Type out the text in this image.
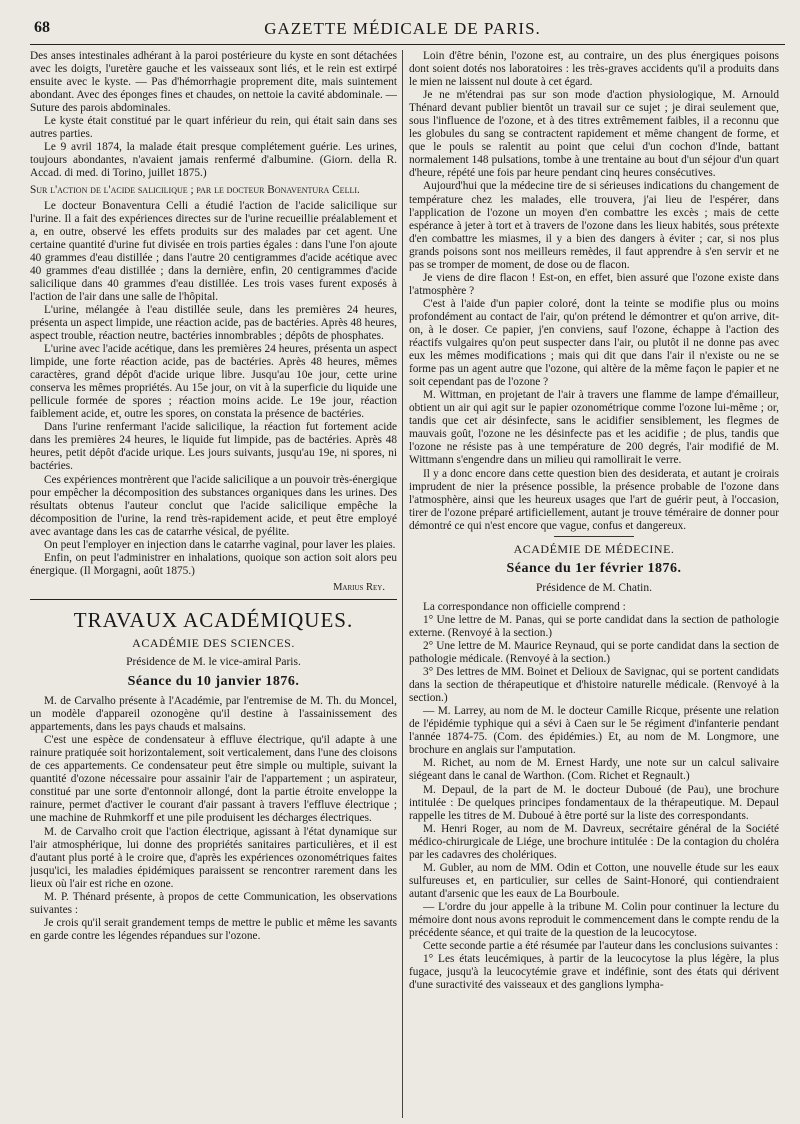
68	GAZETTE MÉDICALE DE PARIS.

Des anses intestinales adhérant à la paroi postérieure du kyste en sont détachées avec les doigts, l'uretère gauche et les vaisseaux sont liés, et le rein est extirpé ensuite avec le kyste. — Pas d'hémorrhagie proprement dite, mais suintement abondant. Avec des éponges fines et chaudes, on nettoie la cavité abdominale. — Suture des parois abdominales.

Le kyste était constitué par le quart inférieur du rein, qui était sain dans ses autres parties.

Le 9 avril 1874, la malade était presque complétement guérie. Les urines, toujours abondantes, n'avaient jamais renfermé d'albumine. (Giorn. della R. Accad. di med. di Torino, juillet 1875.)

Sur l'action de l'acide salicilique ; par le docteur Bonaventura Celli.

Le docteur Bonaventura Celli a étudié l'action de l'acide salicilique sur l'urine. Il a fait des expériences directes sur de l'urine recueillie préalablement et a, en outre, observé les effets produits sur des malades par cet agent. Une certaine quantité d'urine fut divisée en trois parties égales : dans l'une l'on ajoute 40 grammes d'eau distillée ; dans l'autre 20 centigrammes d'acide acétique avec 40 grammes d'eau distillée ; dans la dernière, enfin, 20 centigrammes d'acide salicilique dans 40 grammes d'eau distillée. Les trois vases furent exposés à l'action de l'air dans une salle de l'hôpital.

L'urine, mélangée à l'eau distillée seule, dans les premières 24 heures, présenta un aspect limpide, une réaction acide, pas de bactéries. Après 48 heures, aspect trouble, réaction neutre, bactéries innombrables ; dépôts de phosphates.

L'urine avec l'acide acétique, dans les premières 24 heures, présenta un aspect limpide, une forte réaction acide, pas de bactéries. Après 48 heures, mêmes caractères, grand dépôt d'acide urique libre. Jusqu'au 10e jour, cette urine conserva les mêmes propriétés. Au 15e jour, on vit à la superficie du liquide une pellicule formée de spores ; réaction moins acide. Le 19e jour, réaction faiblement acide, et, outre les spores, on constata la présence de bactéries.

Dans l'urine renfermant l'acide salicilique, la réaction fut fortement acide dans les premières 24 heures, le liquide fut limpide, pas de bactéries. Après 48 heures, petit dépôt d'acide urique. Les jours suivants, jusqu'au 19e, ni spores, ni bactéries.

Ces expériences montrèrent que l'acide salicilique a un pouvoir très-énergique pour empêcher la décomposition des substances organiques dans les urines. Des résultats obtenus l'auteur conclut que l'acide salicilique empêche la décomposition de l'urine, la rend très-rapidement acide, et peut être employé avec avantage dans les cas de catarrhe vésical, de pyélite.

On peut l'employer en injection dans le catarrhe vaginal, pour laver les plaies.

Enfin, on peut l'administrer en inhalations, quoique son action soit alors peu énergique. (Il Morgagni, août 1875.)

Marius Rey.
TRAVAUX ACADÉMIQUES.
ACADÉMIE DES SCIENCES.
Présidence de M. le vice-amiral Paris.
Séance du 10 janvier 1876.

M. de Carvalho présente à l'Académie, par l'entremise de M. Th. du Moncel, un modèle d'appareil ozonogène qu'il destine à l'assainissement des appartements, dans les pays chauds et malsains.

C'est une espèce de condensateur à effluve électrique, qu'il adapte à une rainure pratiquée soit horizontalement, soit verticalement, dans l'une des cloisons de ces appartements. Ce condensateur peut être simple ou multiple, suivant la quantité d'ozone nécessaire pour assainir l'air de l'appartement ; un aspirateur, constitué par une sorte d'entonnoir allongé, dont la partie étroite enveloppe la rainure, permet d'activer le courant d'air passant à travers l'effluve électrique ; une machine de Ruhmkorff et une pile produisent les décharges électriques.

M. de Carvalho croit que l'action électrique, agissant à l'état dynamique sur l'air atmosphérique, lui donne des propriétés sanitaires particulières, et il est d'autant plus porté à le croire que, d'après les expériences ozonométriques faites jusqu'ici, les maladies épidémiques paraissent se rencontrer rarement dans les lieux où l'air est riche en ozone.

M. P. Thénard présente, à propos de cette Communication, les observations suivantes :

Je crois qu'il serait grandement temps de mettre le public et même les savants en garde contre les légendes répandues sur l'ozone.

Loin d'être bénin, l'ozone est, au contraire, un des plus énergiques poisons dont soient dotés nos laboratoires : les très-graves accidents qu'il a produits dans le mien ne laissent nul doute à cet égard.

Je ne m'étendrai pas sur son mode d'action physiologique, M. Arnould Thénard devant publier bientôt un travail sur ce sujet ; je dirai seulement que, sous l'influence de l'ozone, et à des titres extrêmement faibles, il a reconnu que les globules du sang se contractent rapidement et même changent de forme, et que le pouls se ralentit au point que celui d'un cochon d'Inde, battant normalement 148 pulsations, tombe à une trentaine au bout d'un séjour d'un quart d'heure, répété une fois par heure pendant cinq heures consécutives.

Aujourd'hui que la médecine tire de si sérieuses indications du changement de température chez les malades, elle trouvera, j'ai lieu de l'espérer, dans l'application de l'ozone un moyen d'en combattre les excès ; mais de cette espérance à jeter à tort et à travers de l'ozone dans les lieux habités, sous prétexte d'en combattre les miasmes, il y a bien des dangers à éviter ; car, si nos plus grands poisons sont nos meilleurs remèdes, il faut apprendre à s'en servir et ne pas se tromper de moment, de dose ou de flacon.

Je viens de dire flacon ! Est-on, en effet, bien assuré que l'ozone existe dans l'atmosphère ?

C'est à l'aide d'un papier coloré, dont la teinte se modifie plus ou moins profondément au contact de l'air, qu'on prétend le démontrer et qu'on arrive, dit-on, à le doser. Ce papier, j'en conviens, sauf l'ozone, échappe à l'action des réactifs vulgaires qu'on peut suspecter dans l'air, ou plutôt il ne donne pas avec eux les mêmes modifications ; mais qui dit que dans l'air il n'existe ou ne se forme pas un agent autre que l'ozone, qui altère de la même façon le papier et ne soit cependant pas de l'ozone ?

M. Wittman, en projetant de l'air à travers une flamme de lampe d'émailleur, obtient un air qui agit sur le papier ozonométrique comme l'ozone lui-même ; or, tandis que cet air désinfecte, sans le acidifier sensiblement, les flegmes de mauvais goût, l'ozone ne les désinfecte pas et les acidifie ; de plus, tandis que l'ozone ne résiste pas à une température de 200 degrés, l'air modifié de M. Wittmann s'engendre dans un milieu qui ramollirait le verre.

Il y a donc encore dans cette question bien des desiderata, et autant je croirais imprudent de nier la présence possible, la présence probable de l'ozone dans l'atmosphère, ainsi que les heureux usages que l'art de guérir peut, à l'occasion, tirer de l'ozone préparé artificiellement, autant je trouve téméraire de donner pour démontré ce qui n'est encore que vague, confus et dangereux.

ACADÉMIE DE MÉDECINE.
Séance du 1er février 1876.
Présidence de M. Chatin.

La correspondance non officielle comprend :

1° Une lettre de M. Panas, qui se porte candidat dans la section de pathologie externe. (Renvoyé à la section.)

2° Une lettre de M. Maurice Reynaud, qui se porte candidat dans la section de pathologie médicale. (Renvoyé à la section.)

3° Des lettres de MM. Boinet et Delioux de Savignac, qui se portent candidats dans la section de thérapeutique et d'histoire naturelle médicale. (Renvoyé à la section.)

— M. Larrey, au nom de M. le docteur Camille Ricque, présente une relation de l'épidémie typhique qui a sévi à Caen sur le 5e régiment d'infanterie pendant l'année 1874-75. (Com. des épidémies.) Et, au nom de M. Longmore, une brochure en anglais sur l'amputation.

M. Richet, au nom de M. Ernest Hardy, une note sur un calcul salivaire siégeant dans le canal de Warthon. (Com. Richet et Regnault.)

M. Depaul, de la part de M. le docteur Duboué (de Pau), une brochure intitulée : De quelques principes fondamentaux de la thérapeutique. M. Depaul rappelle les titres de M. Duboué à être porté sur la liste des correspondants.

M. Henri Roger, au nom de M. Davreux, secrétaire général de la Société médico-chirurgicale de Liége, une brochure intitulée : De la contagion du choléra par les cadavres des cholériques.

M. Gubler, au nom de MM. Odin et Cotton, une nouvelle étude sur les eaux sulfureuses et, en particulier, sur celles de Saint-Honoré, qui contiendraient autant d'arsenic que les eaux de La Bourboule.

— L'ordre du jour appelle à la tribune M. Colin pour continuer la lecture du mémoire dont nous avons reproduit le commencement dans le compte rendu de la précédente séance, et qui traite de la question de la leucocytose.

Cette seconde partie a été résumée par l'auteur dans les conclusions suivantes :

1° Les états leucémiques, à partir de la leucocytose la plus légère, la plus fugace, jusqu'à la leucocytémie grave et indéfinie, sont des états qui dérivent d'une suractivité des vaisseaux et des ganglions lympha-
